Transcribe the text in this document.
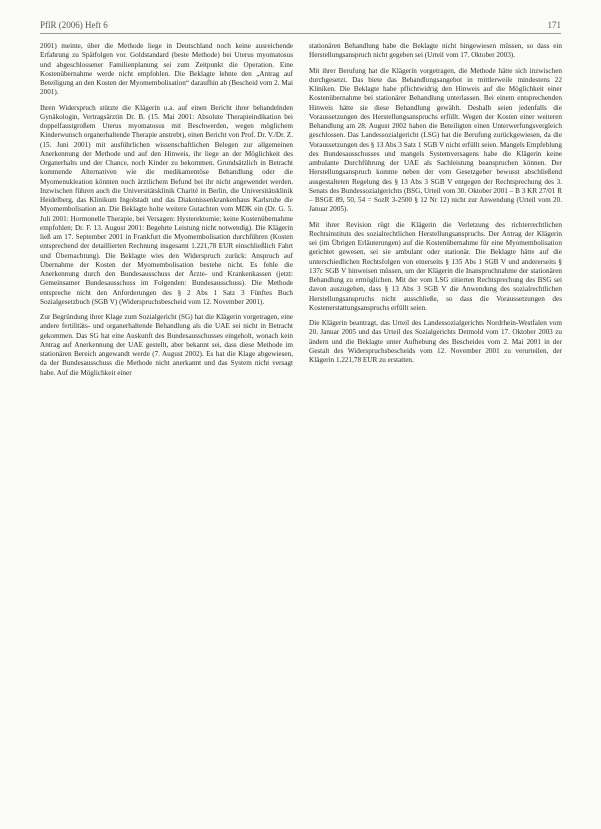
PflR (2006) Heft 6	171

2001) meinte, über die Methode liege in Deutschland noch keine ausreichende Erfahrung zu Spätfolgen vor. Goldstandard (beste Methode) bei Uterus myomatosus und abgeschlossener Familienplanung sei zum Zeitpunkt die Operation. Eine Kostenübernahme werde nicht empfohlen. Die Beklagte lehnte den „Antrag auf Beteiligung an den Kosten der Myomembolisation“ daraufhin ab (Bescheid vom 2. Mai 2001).

Ihren Widerspruch stützte die Klägerin u.a. auf einen Bericht ihrer behandelnden Gynäkologin, Vertragsärztin Dr. B. (15. Mai 2001: Absolute Therapieindikation bei doppelfaustgroßem Uterus myomatosus mit Beschwerden, wegen möglichem Kinderwunsch organerhaltende Therapie anstrebt), einen Bericht von Prof. Dr. V./Dr. Z. (15. Juni 2001) mit ausführlichen wissenschaftlichen Belegen zur allgemeinen Anerkennung der Methode und auf den Hinweis, ihr liege an der Möglichkeit des Organerhalts und der Chance, noch Kinder zu bekommen. Grundsätzlich in Betracht kommende Alternativen wie die medikamentöse Behandlung oder die Myomenukleation könnten noch ärztlichem Befund bei ihr nicht angewendet werden. Inzwischen führen auch die Universitätsklinik Charité in Berlin, die Universitätsklinik Heidelberg, das Klinikum Ingolstadt und das Diakonissenkrankenhaus Karlsruhe die Myomembolisation an. Die Beklagte holte weitere Gutachten vom MDK ein (Dr. G. 5. Juli 2001: Hormonelle Therapie, bei Versagen: Hysterektomie; keine Kostenübernahme empfohlen; Dr. F. 13. August 2001: Begehrte Leistung nicht notwendig). Die Klägerin ließ am 17. September 2001 in Frankfurt die Myomembolisation durchführen (Kosten entsprechend der detaillierten Rechnung insgesamt 1.221,78 EUR einschließlich Fahrt und Übernachtung). Die Beklagte wies den Widerspruch zurück: Anspruch auf Übernahme der Kosten der Myomembolisation bestehe nicht. Es fehle die Anerkennung durch den Bundesausschuss der Ärzte- und Krankenkassen (jetzt: Gemeinsamer Bundesausschuss im Folgenden: Bundesausschuss). Die Methode entspreche nicht den Anforderungen des § 2 Abs 1 Satz 3 Fünftes Buch Sozialgesetzbuch (SGB V) (Widerspruchsbescheid vom 12. November 2001).

Zur Begründung ihrer Klage zum Sozialgericht (SG) hat die Klägerin vorgetragen, eine andere fertilitäts- und organerhaltende Behandlung als die UAE sei nicht in Betracht gekommen. Das SG hat eine Auskunft des Bundesausschusses eingeholt, wonach kein Antrag auf Anerkennung der UAE gestellt, aber bekannt sei, dass diese Methode im stationären Bereich angewandt werde (7. August 2002). Es hat die Klage abgewiesen, da der Bundesausschuss die Methode nicht anerkannt und das System nicht versagt habe. Auf die Möglichkeit einer

stationären Behandlung habe die Beklagte nicht hingewiesen müssen, so dass ein Herstellungsanspruch nicht gegeben sei (Urteil vom 17. Oktober 2003).

Mit ihrer Berufung hat die Klägerin vorgetragen, die Methode hätte sich inzwischen durchgesetzt. Das biete das Behandlungsangebot in mittlerweile mindestens 22 Kliniken. Die Beklagte habe pflichtwidrig den Hinweis auf die Möglichkeit einer Kostenübernahme bei stationärer Behandlung unterlassen. Bei einem entsprechenden Hinweis hätte sie diese Behandlung gewählt. Deshalb seien jedenfalls die Voraussetzungen des Herstellungsanspruchs erfüllt. Wegen der Kosten einer weiteren Behandlung am 28. August 2002 haben die Beteiligten einen Unterwerfungsvergleich geschlossen. Das Landessozialgericht (LSG) hat die Berufung zurückgewiesen, da die Voraussetzungen des § 13 Abs 3 Satz 1 SGB V nicht erfüllt seien. Mangels Empfehlung des Bundesausschusses und mangels Systemversagens habe die Klägerin keine ambulante Durchführung der UAE als Sachleistung beanspruchen können. Der Herstellungsanspruch komme neben der vom Gesetzgeber bewusst abschließend ausgestalteten Regelung des § 13 Abs 3 SGB V entgegen der Rechtsprechung des 3. Senats des Bundessozialgerichts (BSG, Urteil vom 30. Oktober 2001 – B 3 KR 27/01 R – BSGE 89, 50, 54 = SozR 3-2500 § 12 Nr 12) nicht zur Anwendung (Urteil vom 20. Januar 2005).

Mit ihrer Revision rügt die Klägerin die Verletzung des richterrechtlichen Rechtsinstituts des sozialrechtlichen Herstellungsanspruchs. Der Antrag der Klägerin sei (im Übrigen Erläuterungen) auf die Kostenübernahme für eine Myomembolisation gerichtet gewesen, sei sie ambulant oder stationär. Die Beklagte hätte auf die unterschiedlichen Rechtsfolgen von einerseits § 135 Abs 1 SGB V und andererseits § 137c SGB V hinweisen müssen, um der Klägerin die Inanspruchnahme der stationären Behandlung zu ermöglichen. Mit der vom LSG zitierten Rechtsprechung des BSG sei davon auszugehen, dass § 13 Abs 3 SGB V die Anwendung des sozialrechtlichen Herstellungsanspruchs nicht ausschließe, so dass die Voraussetzungen des Kostenerstattungsanspruchs erfüllt seien.

Die Klägerin beantragt, das Urteil des Landessozialgerichts Nordrhein-Westfalen vom 20. Januar 2005 und das Urteil des Sozialgerichts Detmold vom 17. Oktober 2003 zu ändern und die Beklagte unter Aufhebung des Bescheides vom 2. Mai 2001 in der Gestalt des Widerspruchsbescheids vom 12. November 2001 zu verurteilen, der Klägerin 1.221,78 EUR zu erstatten.
